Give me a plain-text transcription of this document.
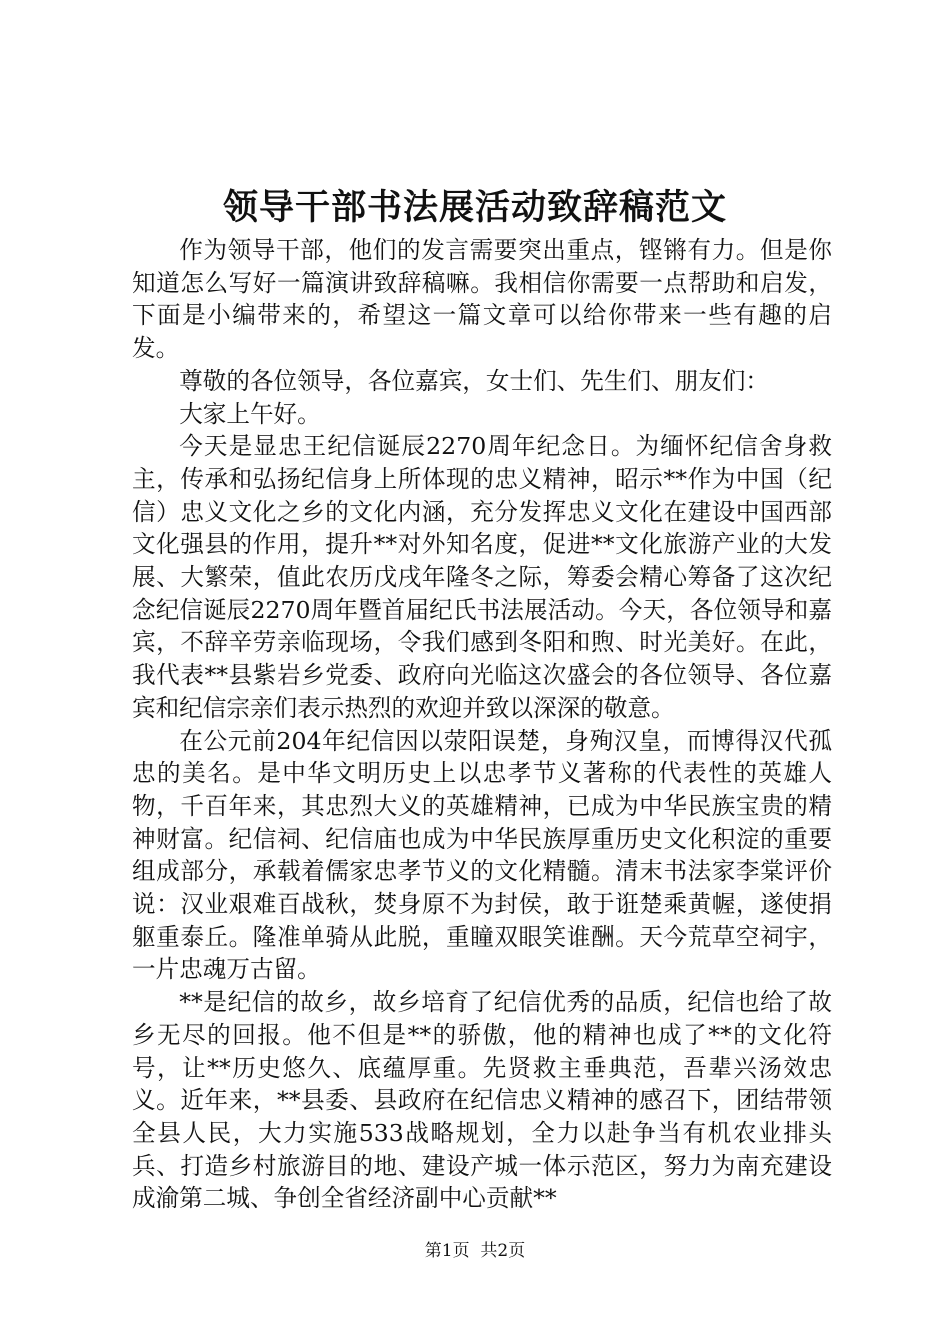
领导干部书法展活动致辞稿范文

作为领导干部，他们的发言需要突出重点，铿锵有力。但是你知道怎么写好一篇演讲致辞稿嘛。我相信你需要一点帮助和启发，下面是小编带来的，希望这一篇文章可以给你带来一些有趣的启发。

尊敬的各位领导，各位嘉宾，女士们、先生们、朋友们：

大家上午好。

今天是显忠王纪信诞辰2270周年纪念日。为缅怀纪信舍身救主，传承和弘扬纪信身上所体现的忠义精神，昭示**作为中国（纪信）忠义文化之乡的文化内涵，充分发挥忠义文化在建设中国西部文化强县的作用，提升**对外知名度，促进**文化旅游产业的大发展、大繁荣，值此农历戊戌年隆冬之际，筹委会精心筹备了这次纪念纪信诞辰2270周年暨首届纪氏书法展活动。今天，各位领导和嘉宾，不辞辛劳亲临现场，令我们感到冬阳和煦、时光美好。在此，我代表**县紫岩乡党委、政府向光临这次盛会的各位领导、各位嘉宾和纪信宗亲们表示热烈的欢迎并致以深深的敬意。

在公元前204年纪信因以荥阳误楚，身殉汉皇，而博得汉代孤忠的美名。是中华文明历史上以忠孝节义著称的代表性的英雄人物，千百年来，其忠烈大义的英雄精神，已成为中华民族宝贵的精神财富。纪信祠、纪信庙也成为中华民族厚重历史文化积淀的重要组成部分，承载着儒家忠孝节义的文化精髓。清末书法家李棠评价说：汉业艰难百战秋，焚身原不为封侯，敢于诳楚乘黄幄，遂使捐躯重泰丘。隆准单骑从此脱，重瞳双眼笑谁酬。天今荒草空祠宇，一片忠魂万古留。

**是纪信的故乡，故乡培育了纪信优秀的品质，纪信也给了故乡无尽的回报。他不但是**的骄傲，他的精神也成了**的文化符号，让**历史悠久、底蕴厚重。先贤救主垂典范，吾辈兴汤效忠义。近年来，**县委、县政府在纪信忠义精神的感召下，团结带领全县人民，大力实施533战略规划，全力以赴争当有机农业排头兵、打造乡村旅游目的地、建设产城一体示范区，努力为南充建设成渝第二城、争创全省经济副中心贡献**

第1页  共2页
